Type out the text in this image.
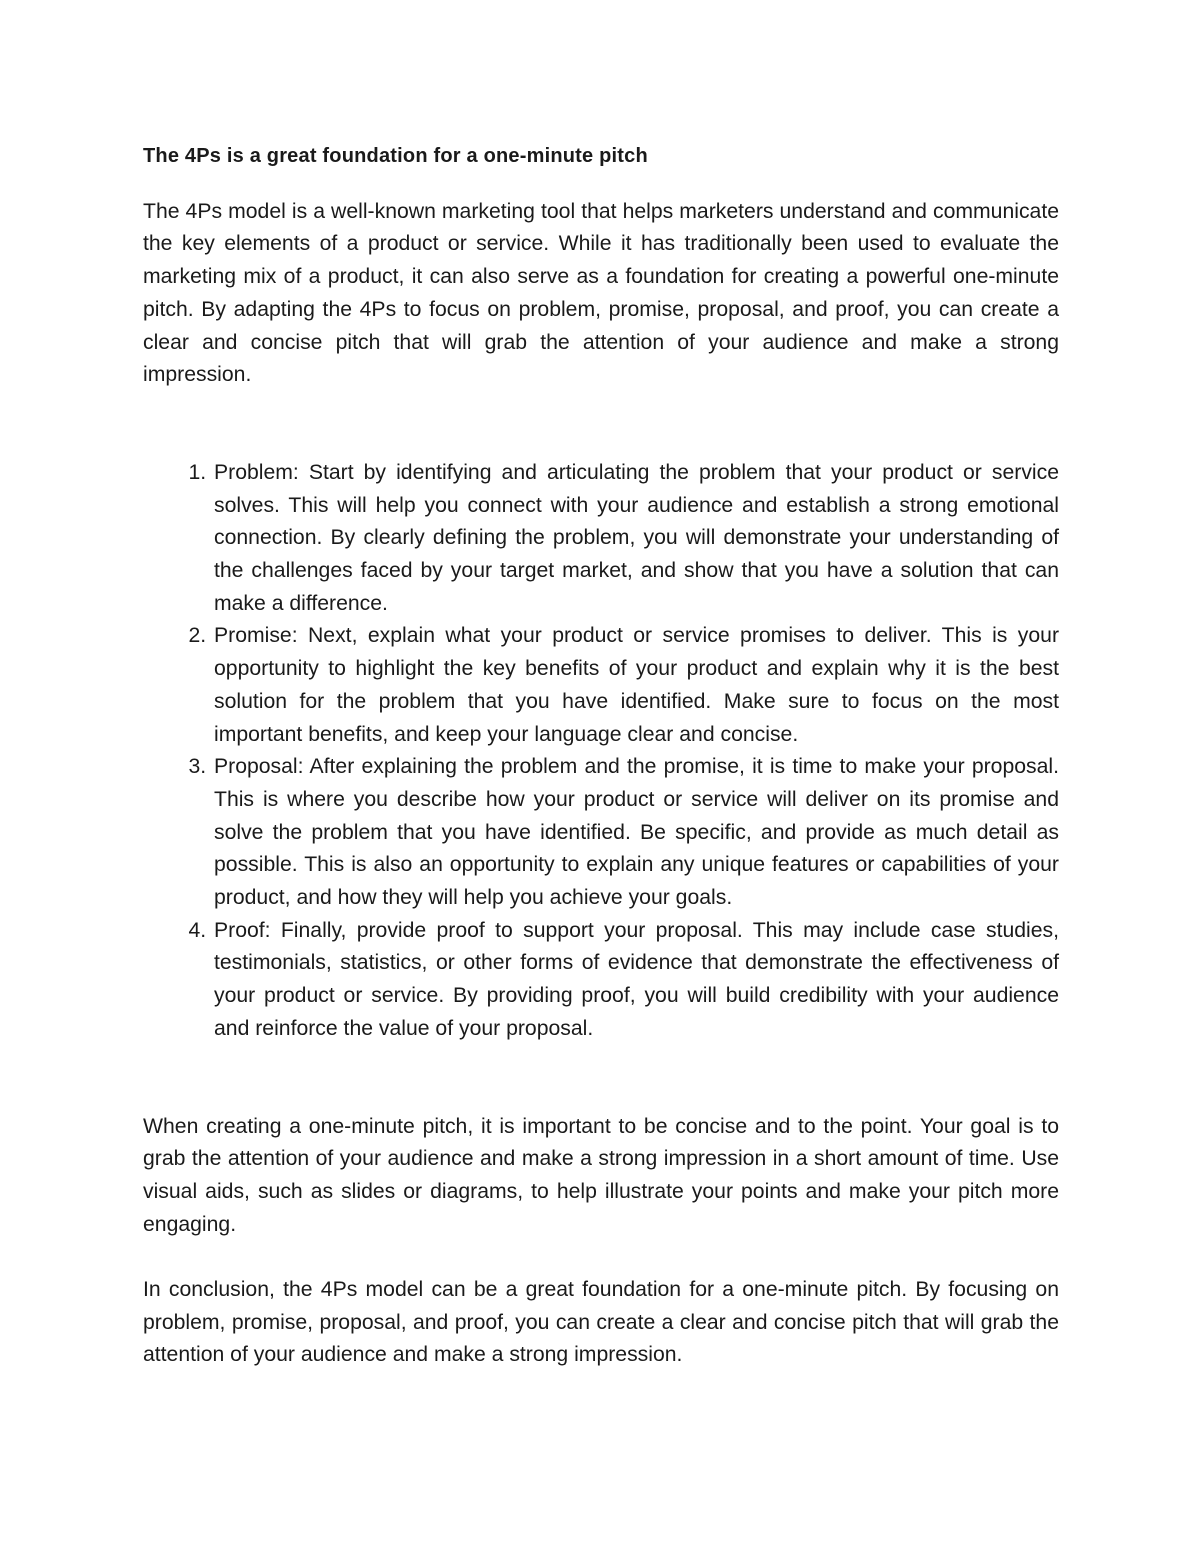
The 4Ps is a great foundation for a one-minute pitch

The 4Ps model is a well-known marketing tool that helps marketers understand and communicate the key elements of a product or service. While it has traditionally been used to evaluate the marketing mix of a product, it can also serve as a foundation for creating a powerful one-minute pitch. By adapting the 4Ps to focus on problem, promise, proposal, and proof, you can create a clear and concise pitch that will grab the attention of your audience and make a strong impression.

1. Problem: Start by identifying and articulating the problem that your product or service solves. This will help you connect with your audience and establish a strong emotional connection. By clearly defining the problem, you will demonstrate your understanding of the challenges faced by your target market, and show that you have a solution that can make a difference.
2. Promise: Next, explain what your product or service promises to deliver. This is your opportunity to highlight the key benefits of your product and explain why it is the best solution for the problem that you have identified. Make sure to focus on the most important benefits, and keep your language clear and concise.
3. Proposal: After explaining the problem and the promise, it is time to make your proposal. This is where you describe how your product or service will deliver on its promise and solve the problem that you have identified. Be specific, and provide as much detail as possible. This is also an opportunity to explain any unique features or capabilities of your product, and how they will help you achieve your goals.
4. Proof: Finally, provide proof to support your proposal. This may include case studies, testimonials, statistics, or other forms of evidence that demonstrate the effectiveness of your product or service. By providing proof, you will build credibility with your audience and reinforce the value of your proposal.

When creating a one-minute pitch, it is important to be concise and to the point. Your goal is to grab the attention of your audience and make a strong impression in a short amount of time. Use visual aids, such as slides or diagrams, to help illustrate your points and make your pitch more engaging.

In conclusion, the 4Ps model can be a great foundation for a one-minute pitch. By focusing on problem, promise, proposal, and proof, you can create a clear and concise pitch that will grab the attention of your audience and make a strong impression.
